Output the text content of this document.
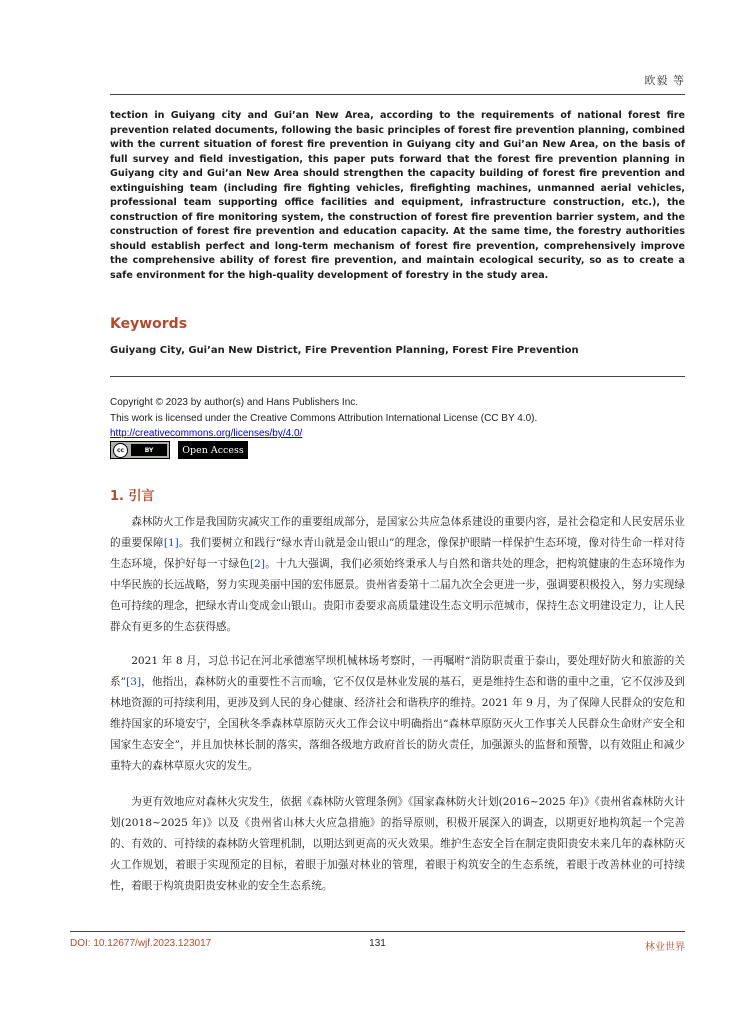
欧毅 等
tection in Guiyang city and Gui’an New Area, according to the requirements of national forest fire prevention related documents, following the basic principles of forest fire prevention planning, combined with the current situation of forest fire prevention in Guiyang city and Gui’an New Area, on the basis of full survey and field investigation, this paper puts forward that the forest fire prevention planning in Guiyang city and Gui’an New Area should strengthen the capacity building of forest fire prevention and extinguishing team (including fire fighting vehicles, firefighting machines, unmanned aerial vehicles, professional team supporting office facilities and equipment, infrastructure construction, etc.), the construction of fire monitoring system, the construction of forest fire prevention barrier system, and the construction of forest fire prevention and education capacity. At the same time, the forestry authorities should establish perfect and long-term mechanism of forest fire prevention, comprehensively improve the comprehensive ability of forest fire prevention, and maintain ecological security, so as to create a safe environment for the high-quality development of forestry in the study area.
Keywords
Guiyang City, Gui’an New District, Fire Prevention Planning, Forest Fire Prevention
Copyright © 2023 by author(s) and Hans Publishers Inc.
This work is licensed under the Creative Commons Attribution International License (CC BY 4.0).
http://creativecommons.org/licenses/by/4.0/
cc	BY	Open Access
1. 引言
森林防火工作是我国防灾减灾工作的重要组成部分，是国家公共应急体系建设的重要内容，是社会稳定和人民安居乐业的重要保障[1]。我们要树立和践行“绿水青山就是金山银山”的理念，像保护眼睛一样保护生态环境，像对待生命一样对待生态环境，保护好每一寸绿色[2]。十九大强调，我们必须始终秉承人与自然和谐共处的理念，把构筑健康的生态环境作为中华民族的长远战略，努力实现美丽中国的宏伟愿景。贵州省委第十二届九次全会更进一步，强调要积极投入，努力实现绿色可持续的理念，把绿水青山变成金山银山。贵阳市委要求高质量建设生态文明示范城市，保持生态文明建设定力，让人民群众有更多的生态获得感。
2021 年 8 月，习总书记在河北承德塞罕坝机械林场考察时，一再嘱咐“消防职责重于泰山，要处理好防火和旅游的关系”[3]，他指出，森林防火的重要性不言而喻，它不仅仅是林业发展的基石，更是维持生态和谐的重中之重，它不仅涉及到林地资源的可持续利用，更涉及到人民的身心健康、经济社会和谐秩序的维持。2021 年 9 月，为了保障人民群众的安危和维持国家的环境安宁，全国秋冬季森林草原防灭火工作会议中明确指出“森林草原防灭火工作事关人民群众生命财产安全和国家生态安全”，并且加快林长制的落实，落细各级地方政府首长的防火责任，加强源头的监督和预警，以有效阻止和减少重特大的森林草原火灾的发生。
为更有效地应对森林火灾发生，依据《森林防火管理条例》《国家森林防火计划(2016~2025 年)》《贵州省森林防火计划(2018~2025 年)》以及《贵州省山林大火应急措施》的指导原则，积极开展深入的调查，以期更好地构筑起一个完善的、有效的、可持续的森林防火管理机制，以期达到更高的灭火效果。维护生态安全旨在制定贵阳贵安未来几年的森林防灭火工作规划，着眼于实现预定的目标，着眼于加强对林业的管理，着眼于构筑安全的生态系统，着眼于改善林业的可持续性，着眼于构筑贵阳贵安林业的安全生态系统。
DOI: 10.12677/wjf.2023.123017	131	林业世界
